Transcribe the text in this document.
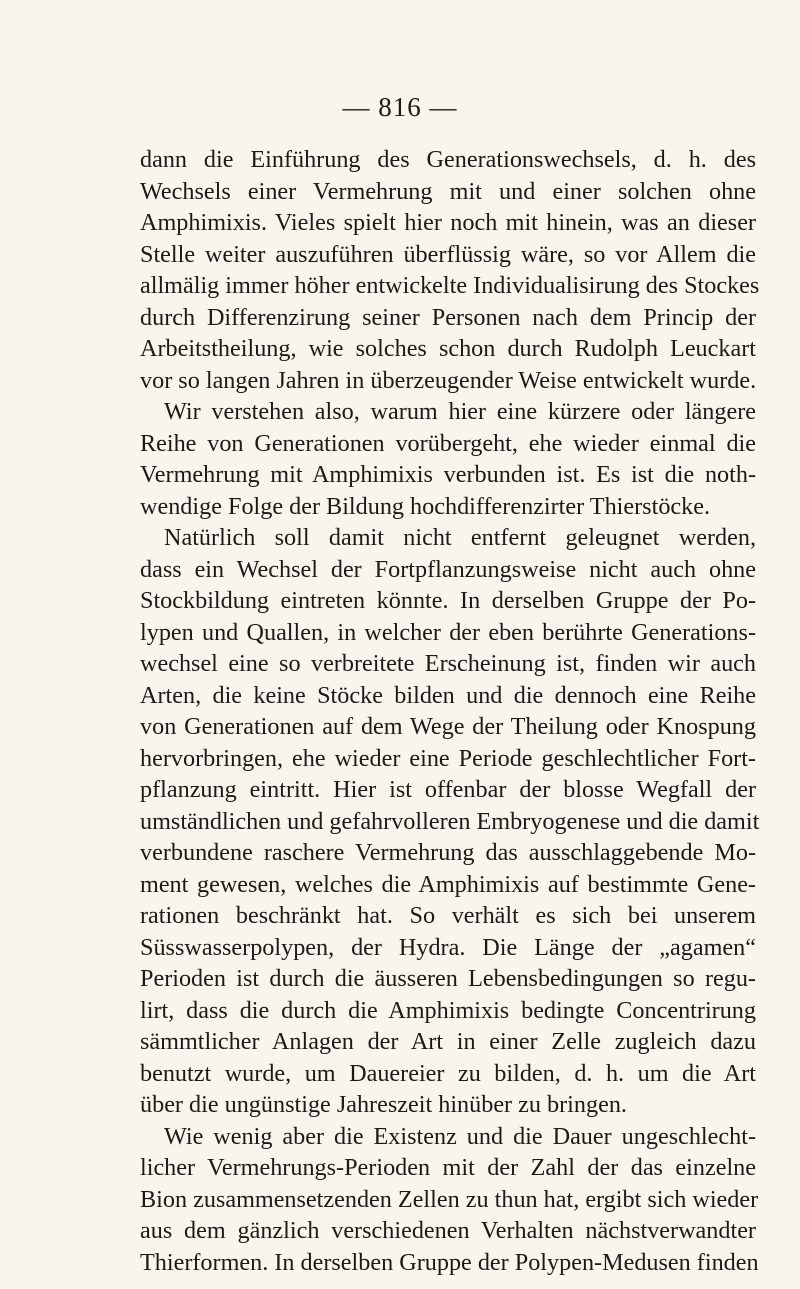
— 816 —
dann die Einführung des Generationswechsels, d. h. des
Wechsels einer Vermehrung mit und einer solchen ohne
Amphimixis. Vieles spielt hier noch mit hinein, was an dieser
Stelle weiter auszuführen überflüssig wäre, so vor Allem die
allmälig immer höher entwickelte Individualisirung des Stockes
durch Differenzirung seiner Personen nach dem Princip der
Arbeitstheilung, wie solches schon durch Rudolph Leuckart
vor so langen Jahren in überzeugender Weise entwickelt wurde.
Wir verstehen also, warum hier eine kürzere oder längere
Reihe von Generationen vorübergeht, ehe wieder einmal die
Vermehrung mit Amphimixis verbunden ist. Es ist die noth-
wendige Folge der Bildung hochdifferenzirter Thierstöcke.
Natürlich soll damit nicht entfernt geleugnet werden,
dass ein Wechsel der Fortpflanzungsweise nicht auch ohne
Stockbildung eintreten könnte. In derselben Gruppe der Po-
lypen und Quallen, in welcher der eben berührte Generations-
wechsel eine so verbreitete Erscheinung ist, finden wir auch
Arten, die keine Stöcke bilden und die dennoch eine Reihe
von Generationen auf dem Wege der Theilung oder Knospung
hervorbringen, ehe wieder eine Periode geschlechtlicher Fort-
pflanzung eintritt. Hier ist offenbar der blosse Wegfall der
umständlichen und gefahrvolleren Embryogenese und die damit
verbundene raschere Vermehrung das ausschlaggebende Mo-
ment gewesen, welches die Amphimixis auf bestimmte Gene-
rationen beschränkt hat. So verhält es sich bei unserem
Süsswasserpolypen, der Hydra. Die Länge der „agamen“
Perioden ist durch die äusseren Lebensbedingungen so regu-
lirt, dass die durch die Amphimixis bedingte Concentrirung
sämmtlicher Anlagen der Art in einer Zelle zugleich dazu
benutzt wurde, um Dauereier zu bilden, d. h. um die Art
über die ungünstige Jahreszeit hinüber zu bringen.
Wie wenig aber die Existenz und die Dauer ungeschlecht-
licher Vermehrungs-Perioden mit der Zahl der das einzelne
Bion zusammensetzenden Zellen zu thun hat, ergibt sich wieder
aus dem gänzlich verschiedenen Verhalten nächstverwandter
Thierformen. In derselben Gruppe der Polypen-Medusen finden
